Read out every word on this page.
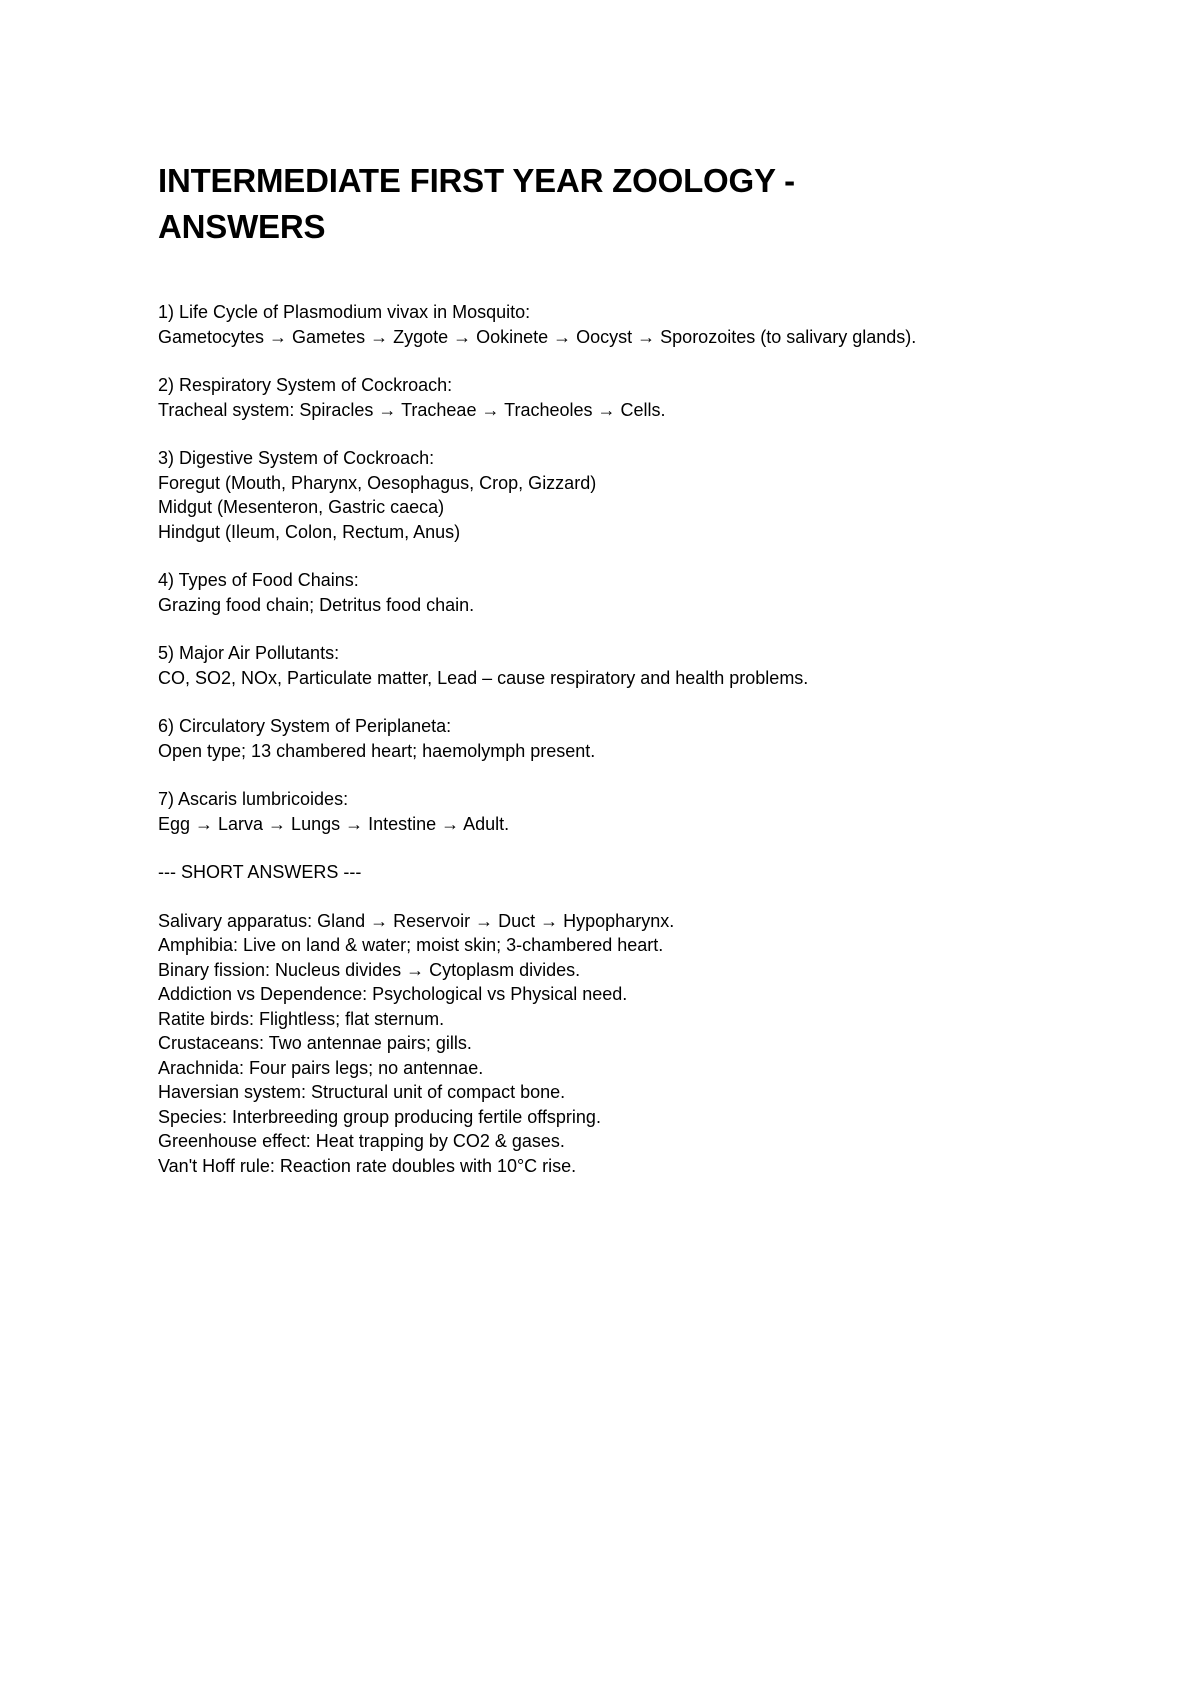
INTERMEDIATE FIRST YEAR ZOOLOGY -
ANSWERS
1) Life Cycle of Plasmodium vivax in Mosquito:
Gametocytes → Gametes → Zygote → Ookinete → Oocyst → Sporozoites (to salivary glands).
2) Respiratory System of Cockroach:
Tracheal system: Spiracles → Tracheae → Tracheoles → Cells.
3) Digestive System of Cockroach:
Foregut (Mouth, Pharynx, Oesophagus, Crop, Gizzard)
Midgut (Mesenteron, Gastric caeca)
Hindgut (Ileum, Colon, Rectum, Anus)
4) Types of Food Chains:
Grazing food chain; Detritus food chain.
5) Major Air Pollutants:
CO, SO2, NOx, Particulate matter, Lead – cause respiratory and health problems.
6) Circulatory System of Periplaneta:
Open type; 13 chambered heart; haemolymph present.
7) Ascaris lumbricoides:
Egg → Larva → Lungs → Intestine → Adult.
--- SHORT ANSWERS ---
Salivary apparatus: Gland → Reservoir → Duct → Hypopharynx.
Amphibia: Live on land & water; moist skin; 3-chambered heart.
Binary fission: Nucleus divides → Cytoplasm divides.
Addiction vs Dependence: Psychological vs Physical need.
Ratite birds: Flightless; flat sternum.
Crustaceans: Two antennae pairs; gills.
Arachnida: Four pairs legs; no antennae.
Haversian system: Structural unit of compact bone.
Species: Interbreeding group producing fertile offspring.
Greenhouse effect: Heat trapping by CO2 & gases.
Van't Hoff rule: Reaction rate doubles with 10°C rise.
